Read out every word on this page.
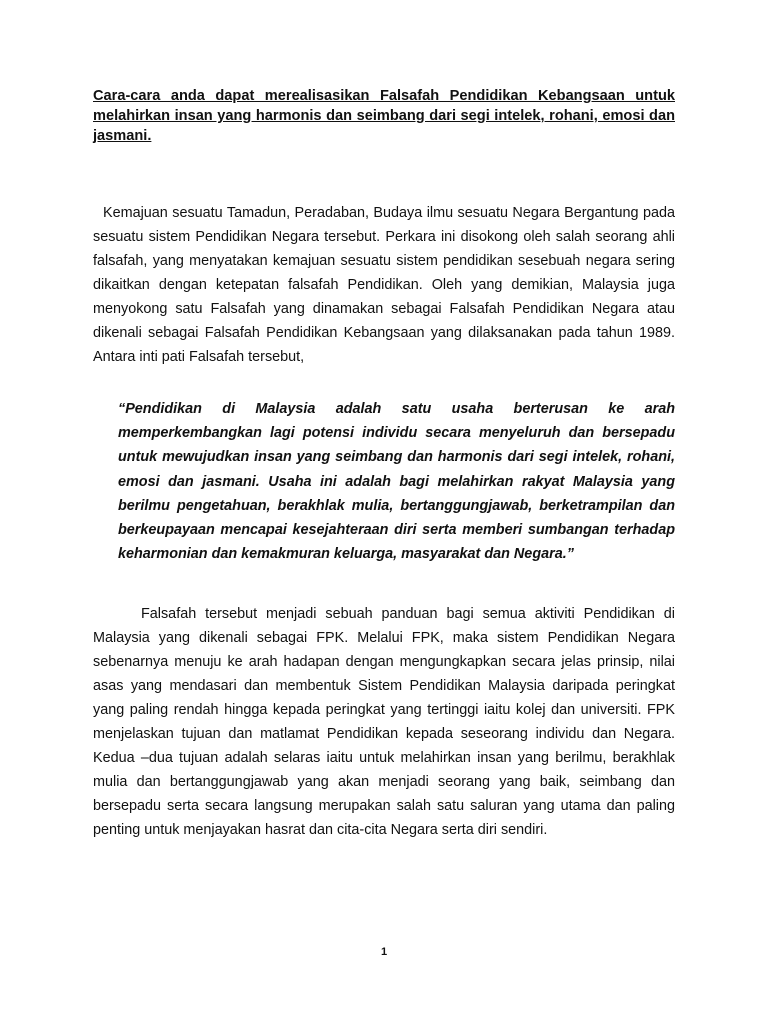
Cara-cara anda dapat merealisasikan Falsafah Pendidikan Kebangsaan untuk melahirkan insan yang harmonis dan seimbang dari segi intelek, rohani, emosi dan jasmani.

Kemajuan sesuatu Tamadun, Peradaban, Budaya ilmu sesuatu Negara Bergantung pada sesuatu sistem Pendidikan Negara tersebut. Perkara ini disokong oleh salah seorang ahli falsafah, yang menyatakan kemajuan sesuatu sistem pendidikan sesebuah negara sering dikaitkan dengan ketepatan falsafah Pendidikan. Oleh yang demikian, Malaysia juga menyokong satu Falsafah yang dinamakan sebagai Falsafah Pendidikan Negara atau dikenali sebagai Falsafah Pendidikan Kebangsaan yang dilaksanakan pada tahun 1989. Antara inti pati Falsafah tersebut,

“Pendidikan di Malaysia adalah satu usaha berterusan ke arah memperkembangkan lagi potensi individu secara menyeluruh dan bersepadu untuk mewujudkan insan yang seimbang dan harmonis dari segi intelek, rohani, emosi dan jasmani. Usaha ini adalah bagi melahirkan rakyat Malaysia yang berilmu pengetahuan, berakhlak mulia, bertanggungjawab, berketrampilan dan berkeupayaan mencapai kesejahteraan diri serta memberi sumbangan terhadap keharmonian dan kemakmuran keluarga, masyarakat dan Negara.”

Falsafah tersebut menjadi sebuah panduan bagi semua aktiviti Pendidikan di Malaysia yang dikenali sebagai FPK. Melalui FPK, maka sistem Pendidikan Negara sebenarnya menuju ke arah hadapan dengan mengungkapkan secara jelas prinsip, nilai asas yang mendasari dan membentuk Sistem Pendidikan Malaysia daripada peringkat yang paling rendah hingga kepada peringkat yang tertinggi iaitu kolej dan universiti. FPK menjelaskan tujuan dan matlamat Pendidikan kepada seseorang individu dan Negara. Kedua –dua tujuan adalah selaras iaitu untuk melahirkan insan yang berilmu, berakhlak mulia dan bertanggungjawab yang akan menjadi seorang yang baik, seimbang dan bersepadu serta secara langsung merupakan salah satu saluran yang utama dan paling penting untuk menjayakan hasrat dan cita-cita Negara serta diri sendiri.

1
